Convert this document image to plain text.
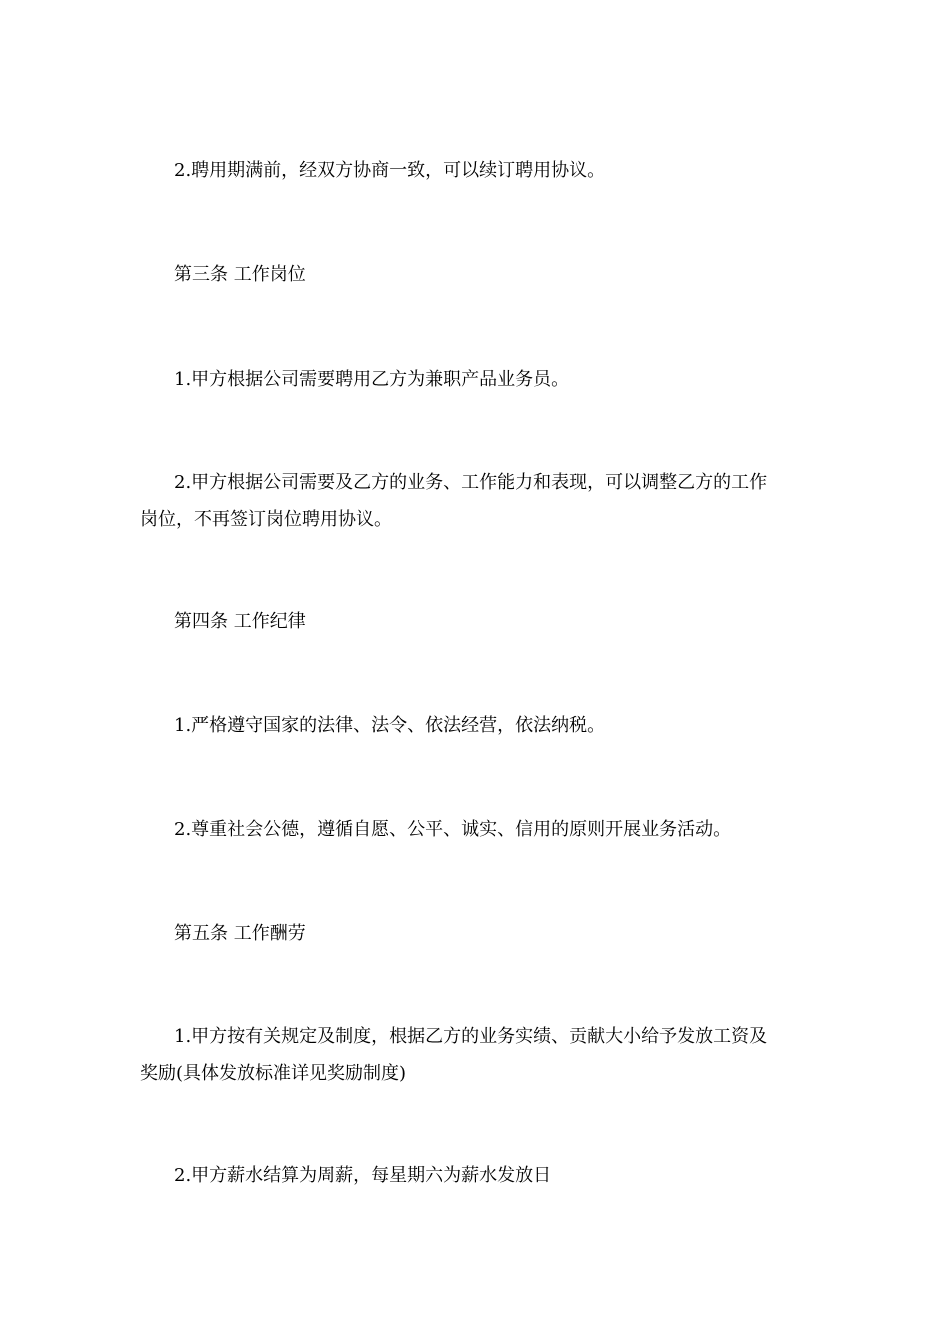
2.聘用期满前，经双方协商一致，可以续订聘用协议。

第三条 工作岗位

1.甲方根据公司需要聘用乙方为兼职产品业务员。

2.甲方根据公司需要及乙方的业务、工作能力和表现，可以调整乙方的工作

岗位，不再签订岗位聘用协议。

第四条 工作纪律

1.严格遵守国家的法律、法令、依法经营，依法纳税。

2.尊重社会公德，遵循自愿、公平、诚实、信用的原则开展业务活动。

第五条 工作酬劳

1.甲方按有关规定及制度，根据乙方的业务实绩、贡献大小给予发放工资及

奖励(具体发放标准详见奖励制度)

2.甲方薪水结算为周薪，每星期六为薪水发放日
